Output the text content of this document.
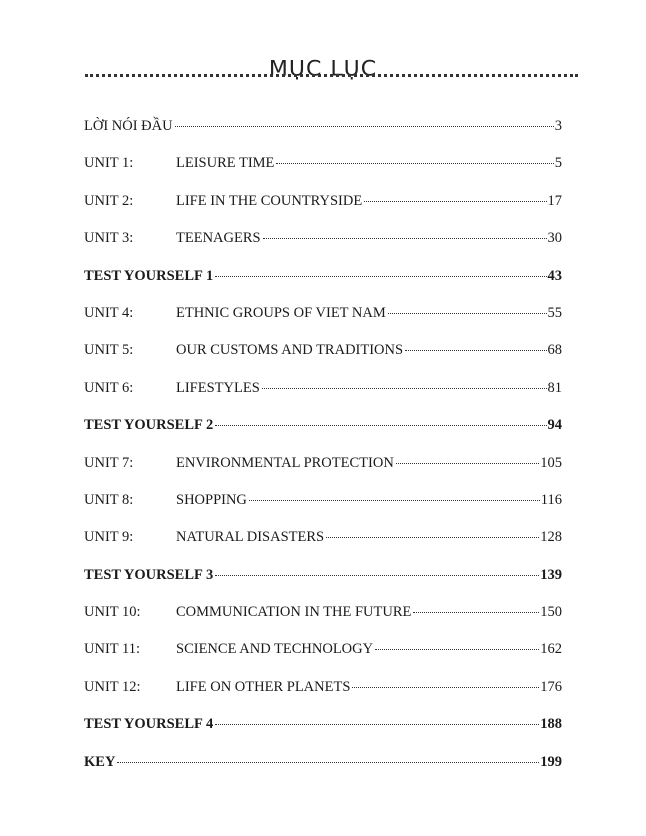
MỤC LỤC
LỜI NÓI ĐẦU	3
UNIT 1:	LEISURE TIME	5
UNIT 2:	LIFE IN THE COUNTRYSIDE	17
UNIT 3:	TEENAGERS	30
TEST YOURSELF 1	43
UNIT 4:	ETHNIC GROUPS OF VIET NAM	55
UNIT 5:	OUR CUSTOMS AND TRADITIONS	68
UNIT 6:	LIFESTYLES	81
TEST YOURSELF 2	94
UNIT 7:	ENVIRONMENTAL PROTECTION	105
UNIT 8:	SHOPPING	116
UNIT 9:	NATURAL DISASTERS	128
TEST YOURSELF 3	139
UNIT 10:	COMMUNICATION IN THE FUTURE	150
UNIT 11:	SCIENCE AND TECHNOLOGY	162
UNIT 12:	LIFE ON OTHER PLANETS	176
TEST YOURSELF 4	188
KEY	199
